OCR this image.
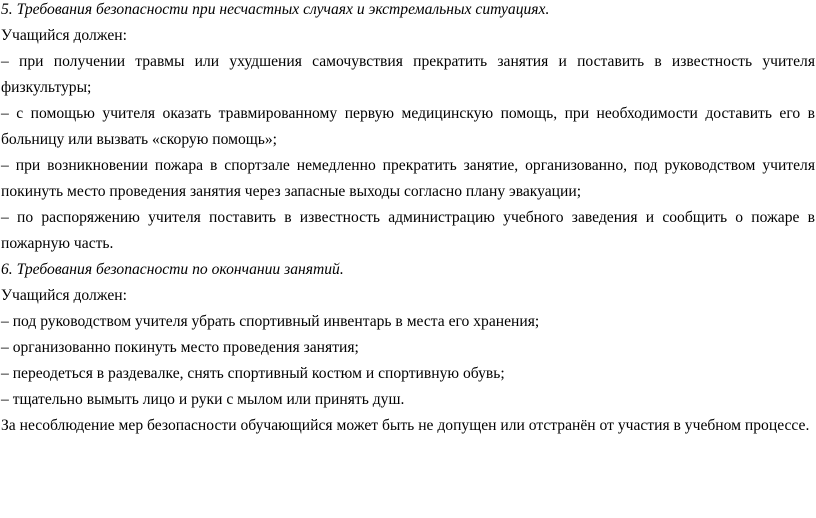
5. Требования безопасности при несчастных случаях и экстремальных ситуациях.

Учащийся должен:

– при получении травмы или ухудшения самочувствия прекратить занятия и поставить в известность учителя физкультуры;

– с помощью учителя оказать травмированному первую медицинскую помощь, при необходимости доставить его в больницу или вызвать «скорую помощь»;

– при возникновении пожара в спортзале немедленно прекратить занятие, организованно, под руководством учителя покинуть место проведения занятия через запасные выходы согласно плану эвакуации;

– по распоряжению учителя поставить в известность администрацию учебного заведения и сообщить о пожаре в пожарную часть.

6. Требования безопасности по окончании занятий.

Учащийся должен:

– под руководством учителя убрать спортивный инвентарь в места его хранения;

– организованно покинуть место проведения занятия;

– переодеться в раздевалке, снять спортивный костюм и спортивную обувь;

– тщательно вымыть лицо и руки с мылом или принять душ.

За несоблюдение мер безопасности обучающийся может быть не допущен или отстранён от участия в учебном процессе.
